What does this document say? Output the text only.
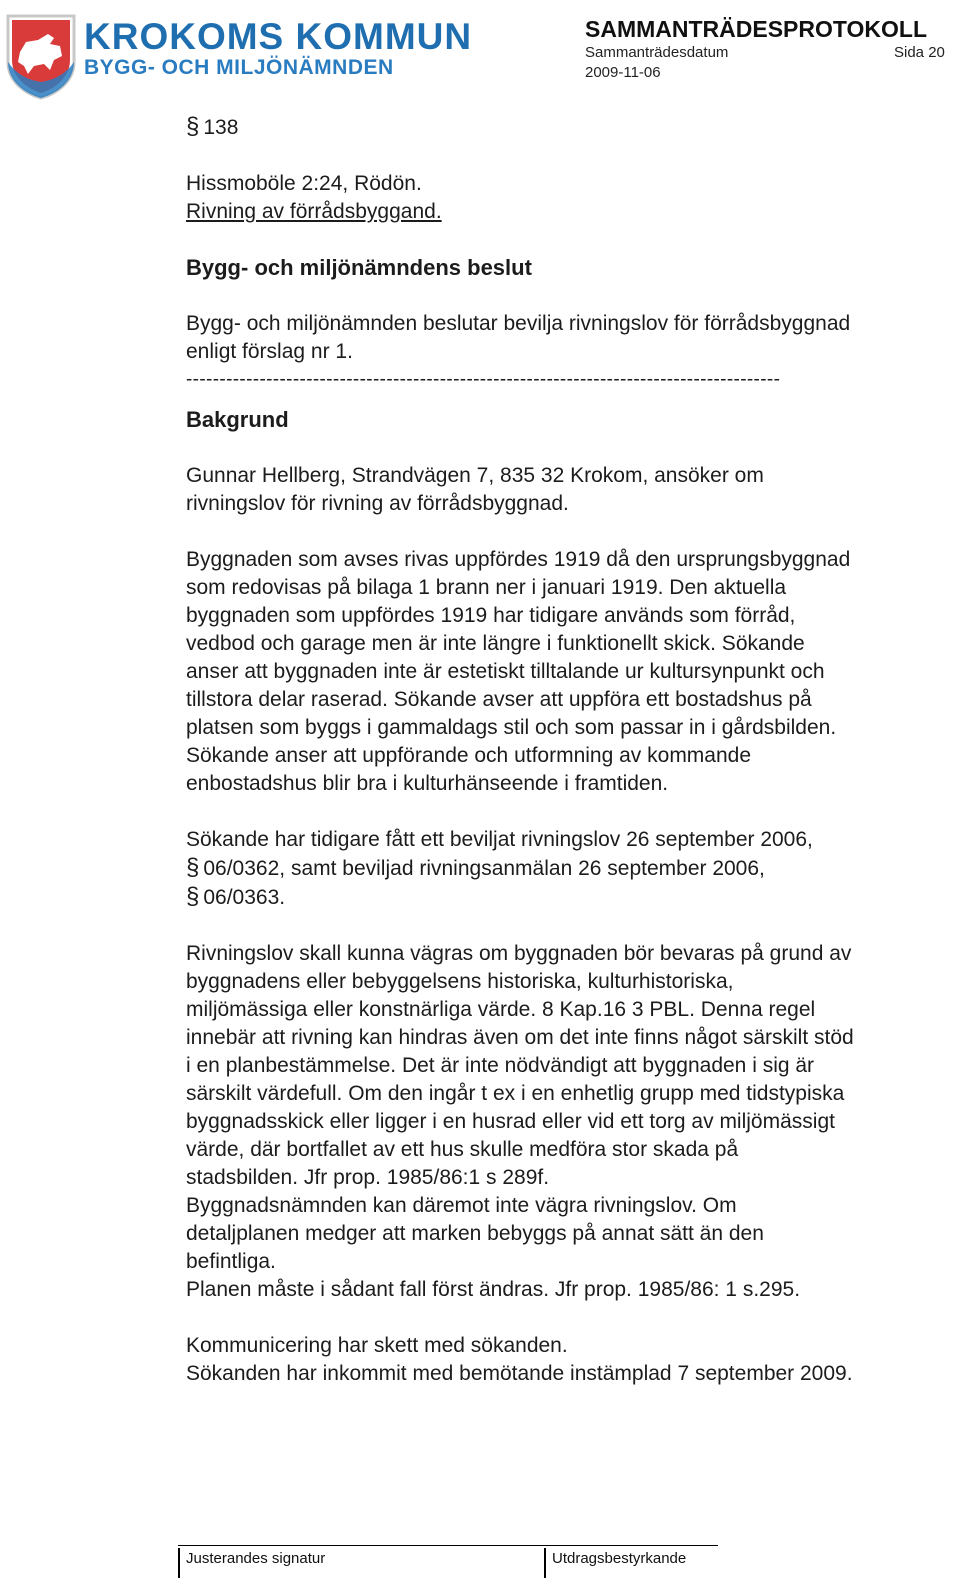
KROKOMS KOMMUN
BYGG- OCH MILJÖNÄMNDEN
SAMMANTRÄDESPROTOKOLL
Sammanträdesdatum	Sida 20
2009-11-06

§ 138

Hissmoböle 2:24, Rödön.

Rivning av förrådsbyggand.

Bygg- och miljönämndens beslut

Bygg- och miljönämnden beslutar bevilja rivningslov för förrådsbyggnad

enligt förslag nr 1.

-----------------------------------------------------------------------------------------

Bakgrund

Gunnar Hellberg, Strandvägen 7, 835 32 Krokom, ansöker om

rivningslov för rivning av förrådsbyggnad.

Byggnaden som avses rivas uppfördes 1919 då den ursprungsbyggnad

som redovisas på bilaga 1 brann ner i januari 1919. Den aktuella

byggnaden som uppfördes 1919 har tidigare används som förråd,

vedbod och garage men är inte längre i funktionellt skick. Sökande

anser att byggnaden inte är estetiskt tilltalande ur kultursynpunkt och

tillstora delar raserad. Sökande avser att uppföra ett bostadshus på

platsen som byggs i gammaldags stil och som passar in i gårdsbilden.

Sökande anser att uppförande och utformning av kommande

enbostadshus blir bra i kulturhänseende i framtiden.

Sökande har tidigare fått ett beviljat rivningslov 26 september 2006,

§ 06/0362, samt beviljad rivningsanmälan 26 september 2006,

§ 06/0363.

Rivningslov skall kunna vägras om byggnaden bör bevaras på grund av

byggnadens eller bebyggelsens historiska, kulturhistoriska,

miljömässiga eller konstnärliga värde. 8 Kap.16 3 PBL. Denna regel

innebär att rivning kan hindras även om det inte finns något särskilt stöd

i en planbestämmelse. Det är inte nödvändigt att byggnaden i sig är

särskilt värdefull. Om den ingår t ex i en enhetlig grupp med tidstypiska

byggnadsskick eller ligger i en husrad eller vid ett torg av miljömässigt

värde, där bortfallet av ett hus skulle medföra stor skada på

stadsbilden. Jfr prop. 1985/86:1 s 289f.

Byggnadsnämnden kan däremot inte vägra rivningslov. Om

detaljplanen medger att marken bebyggs på annat sätt än den

befintliga.

Planen måste i sådant fall först ändras. Jfr prop. 1985/86: 1 s.295.

Kommunicering har skett med sökanden.

Sökanden har inkommit med bemötande instämplad 7 september 2009.

Justerandes signatur	Utdragsbestyrkande
